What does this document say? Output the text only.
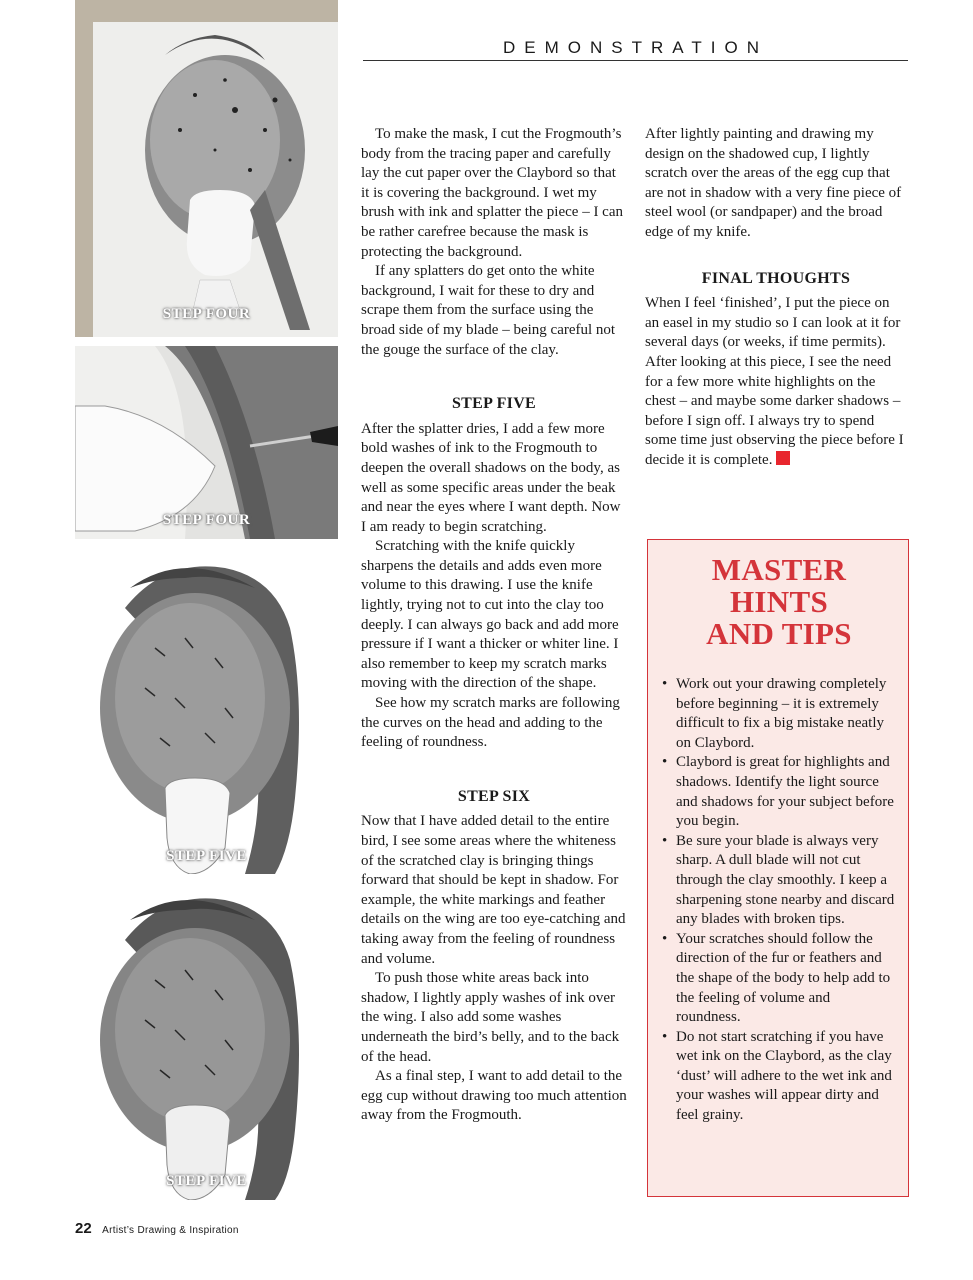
DEMONSTRATION
STEP FOUR
STEP FOUR
STEP FIVE
STEP FIVE

To make the mask, I cut the Frogmouth’s body from the tracing paper and carefully lay the cut paper over the Claybord so that it is covering the background. I wet my brush with ink and splatter the piece – I can be rather carefree because the mask is protecting the background.

If any splatters do get onto the white background, I wait for these to dry and scrape them from the surface using the broad side of my blade – being careful not the gouge the surface of the clay.

STEP FIVE

After the splatter dries, I add a few more bold washes of ink to the Frogmouth to deepen the overall shadows on the body, as well as some specific areas under the beak and near the eyes where I want depth. Now I am ready to begin scratching.

Scratching with the knife quickly sharpens the details and adds even more volume to this drawing. I use the knife lightly, trying not to cut into the clay too deeply. I can always go back and add more pressure if I want a thicker or whiter line. I also remember to keep my scratch marks moving with the direction of the shape.

See how my scratch marks are following the curves on the head and adding to the feeling of roundness.

STEP SIX

Now that I have added detail to the entire bird, I see some areas where the whiteness of the scratched clay is bringing things forward that should be kept in shadow. For example, the white markings and feather details on the wing are too eye-catching and taking away from the feeling of roundness and volume.

To push those white areas back into shadow, I lightly apply washes of ink over the wing. I also add some washes underneath the bird’s belly, and to the back of the head.

As a final step, I want to add detail to the egg cup without drawing too much attention away from the Frogmouth.

After lightly painting and drawing my design on the shadowed cup, I lightly scratch over the areas of the egg cup that are not in shadow with a very fine piece of steel wool (or sandpaper) and the broad edge of my knife.

FINAL THOUGHTS

When I feel ‘finished’, I put the piece on an easel in my studio so I can look at it for several days (or weeks, if time permits). After looking at this piece, I see the need for a few more white highlights on the chest – and maybe some darker shadows – before I sign off. I always try to spend some time just observing the piece before I decide it is complete.

MASTER
HINTS
AND TIPS
• Work out your drawing completely before beginning – it is extremely difficult to fix a big mistake neatly on Claybord.
• Claybord is great for highlights and shadows. Identify the light source and shadows for your subject before you begin.
• Be sure your blade is always very sharp. A dull blade will not cut through the clay smoothly. I keep a sharpening stone nearby and discard any blades with broken tips.
• Your scratches should follow the direction of the fur or feathers and the shape of the body to help add to the feeling of volume and roundness.
• Do not start scratching if you have wet ink on the Claybord, as the clay ‘dust’ will adhere to the wet ink and your washes will appear dirty and feel grainy.
22 Artist’s Drawing & Inspiration
